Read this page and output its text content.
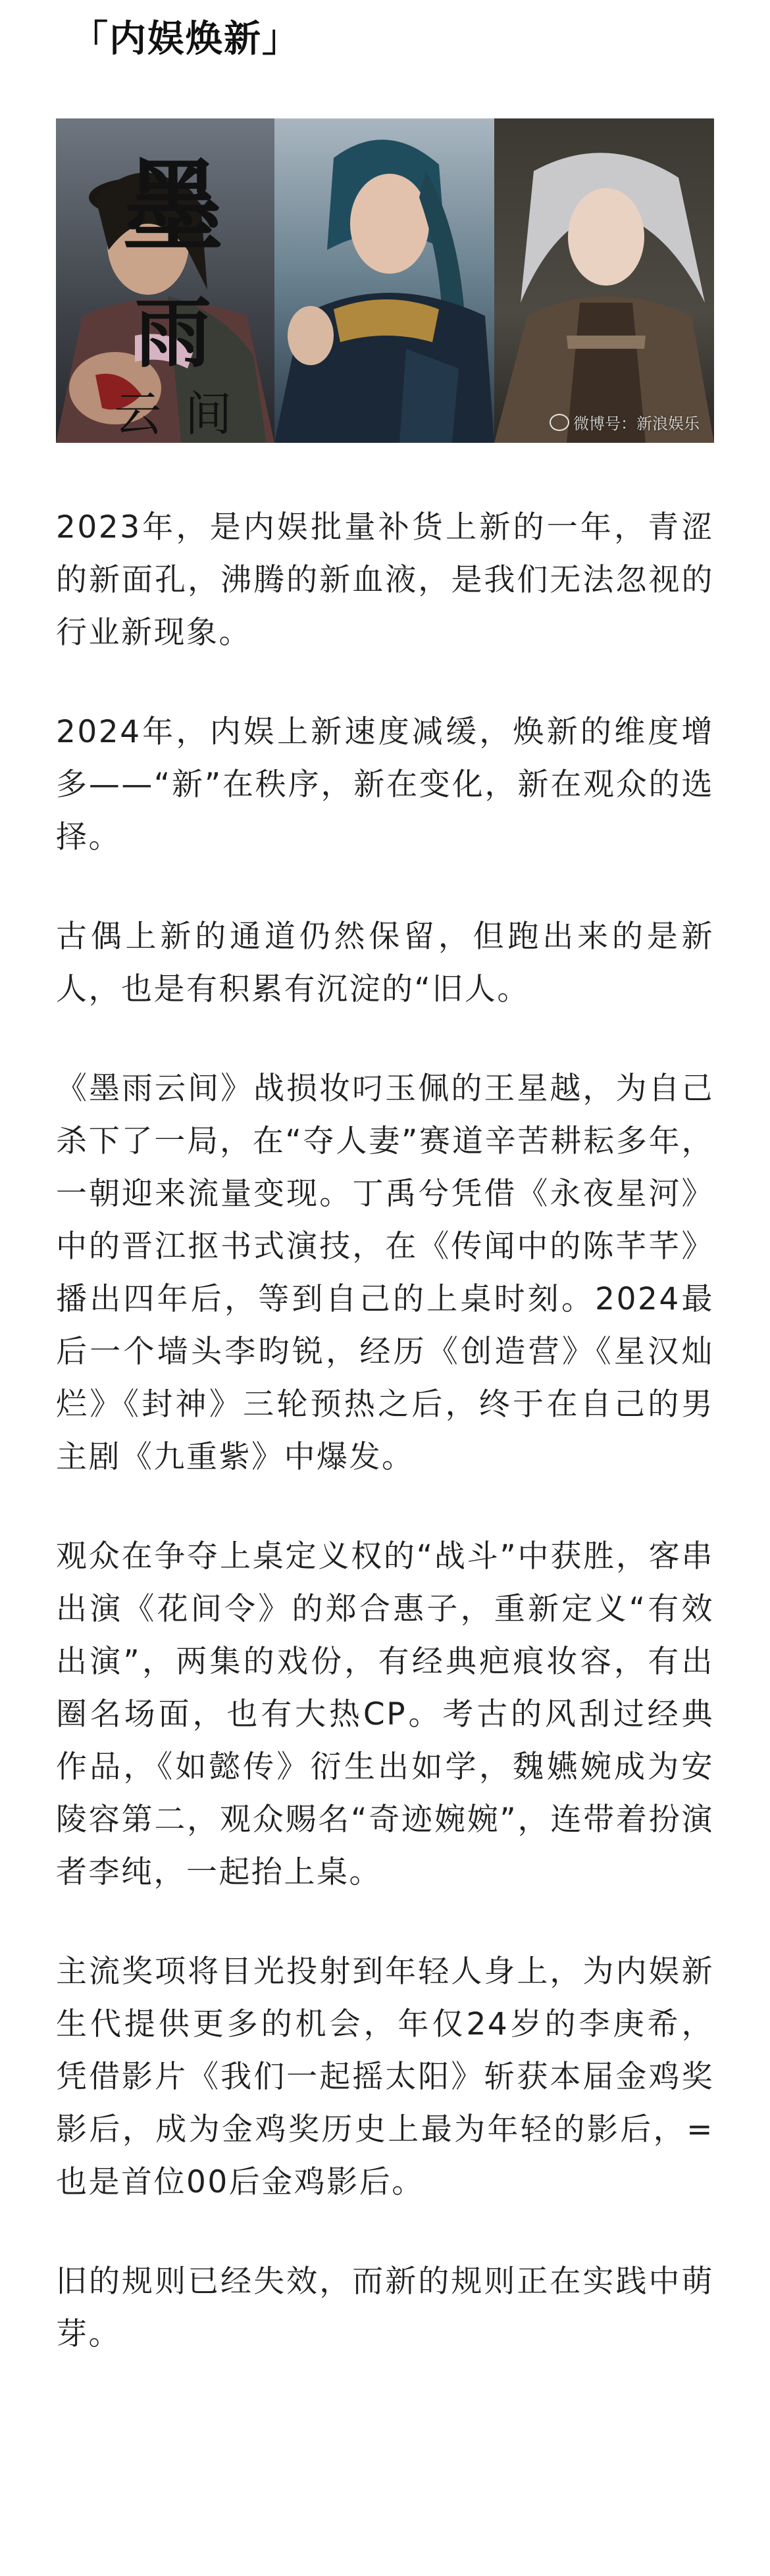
「内娱焕新」
墨
雨
云 间	微博号：新浪娱乐

2023年，是内娱批量补货上新的一年，青涩的新面孔，沸腾的新血液，是我们无法忽视的行业新现象。

2024年，内娱上新速度减缓，焕新的维度增多——“新”在秩序，新在变化，新在观众的选择。

古偶上新的通道仍然保留，但跑出来的是新人，也是有积累有沉淀的“旧人。

《墨雨云间》战损妆叼玉佩的王星越，为自己杀下了一局，在“夺人妻”赛道辛苦耕耘多年，一朝迎来流量变现。丁禹兮凭借《永夜星河》中的晋江抠书式演技，在《传闻中的陈芊芊》播出四年后，等到自己的上桌时刻。2024最后一个墙头李昀锐，经历《创造营》《星汉灿烂》《封神》三轮预热之后，终于在自己的男主剧《九重紫》中爆发。

观众在争夺上桌定义权的“战斗”中获胜，客串出演《花间令》的郑合惠子，重新定义“有效出演”，两集的戏份，有经典疤痕妆容，有出圈名场面，也有大热CP。考古的风刮过经典作品，《如懿传》衍生出如学，魏嬿婉成为安陵容第二，观众赐名“奇迹婉婉”，连带着扮演者李纯，一起抬上桌。

主流奖项将目光投射到年轻人身上，为内娱新生代提供更多的机会，年仅24岁的李庚希，凭借影片《我们一起摇太阳》斩获本届金鸡奖影后，成为金鸡奖历史上最为年轻的影后，=也是首位00后金鸡影后。

旧的规则已经失效，而新的规则正在实践中萌芽。
